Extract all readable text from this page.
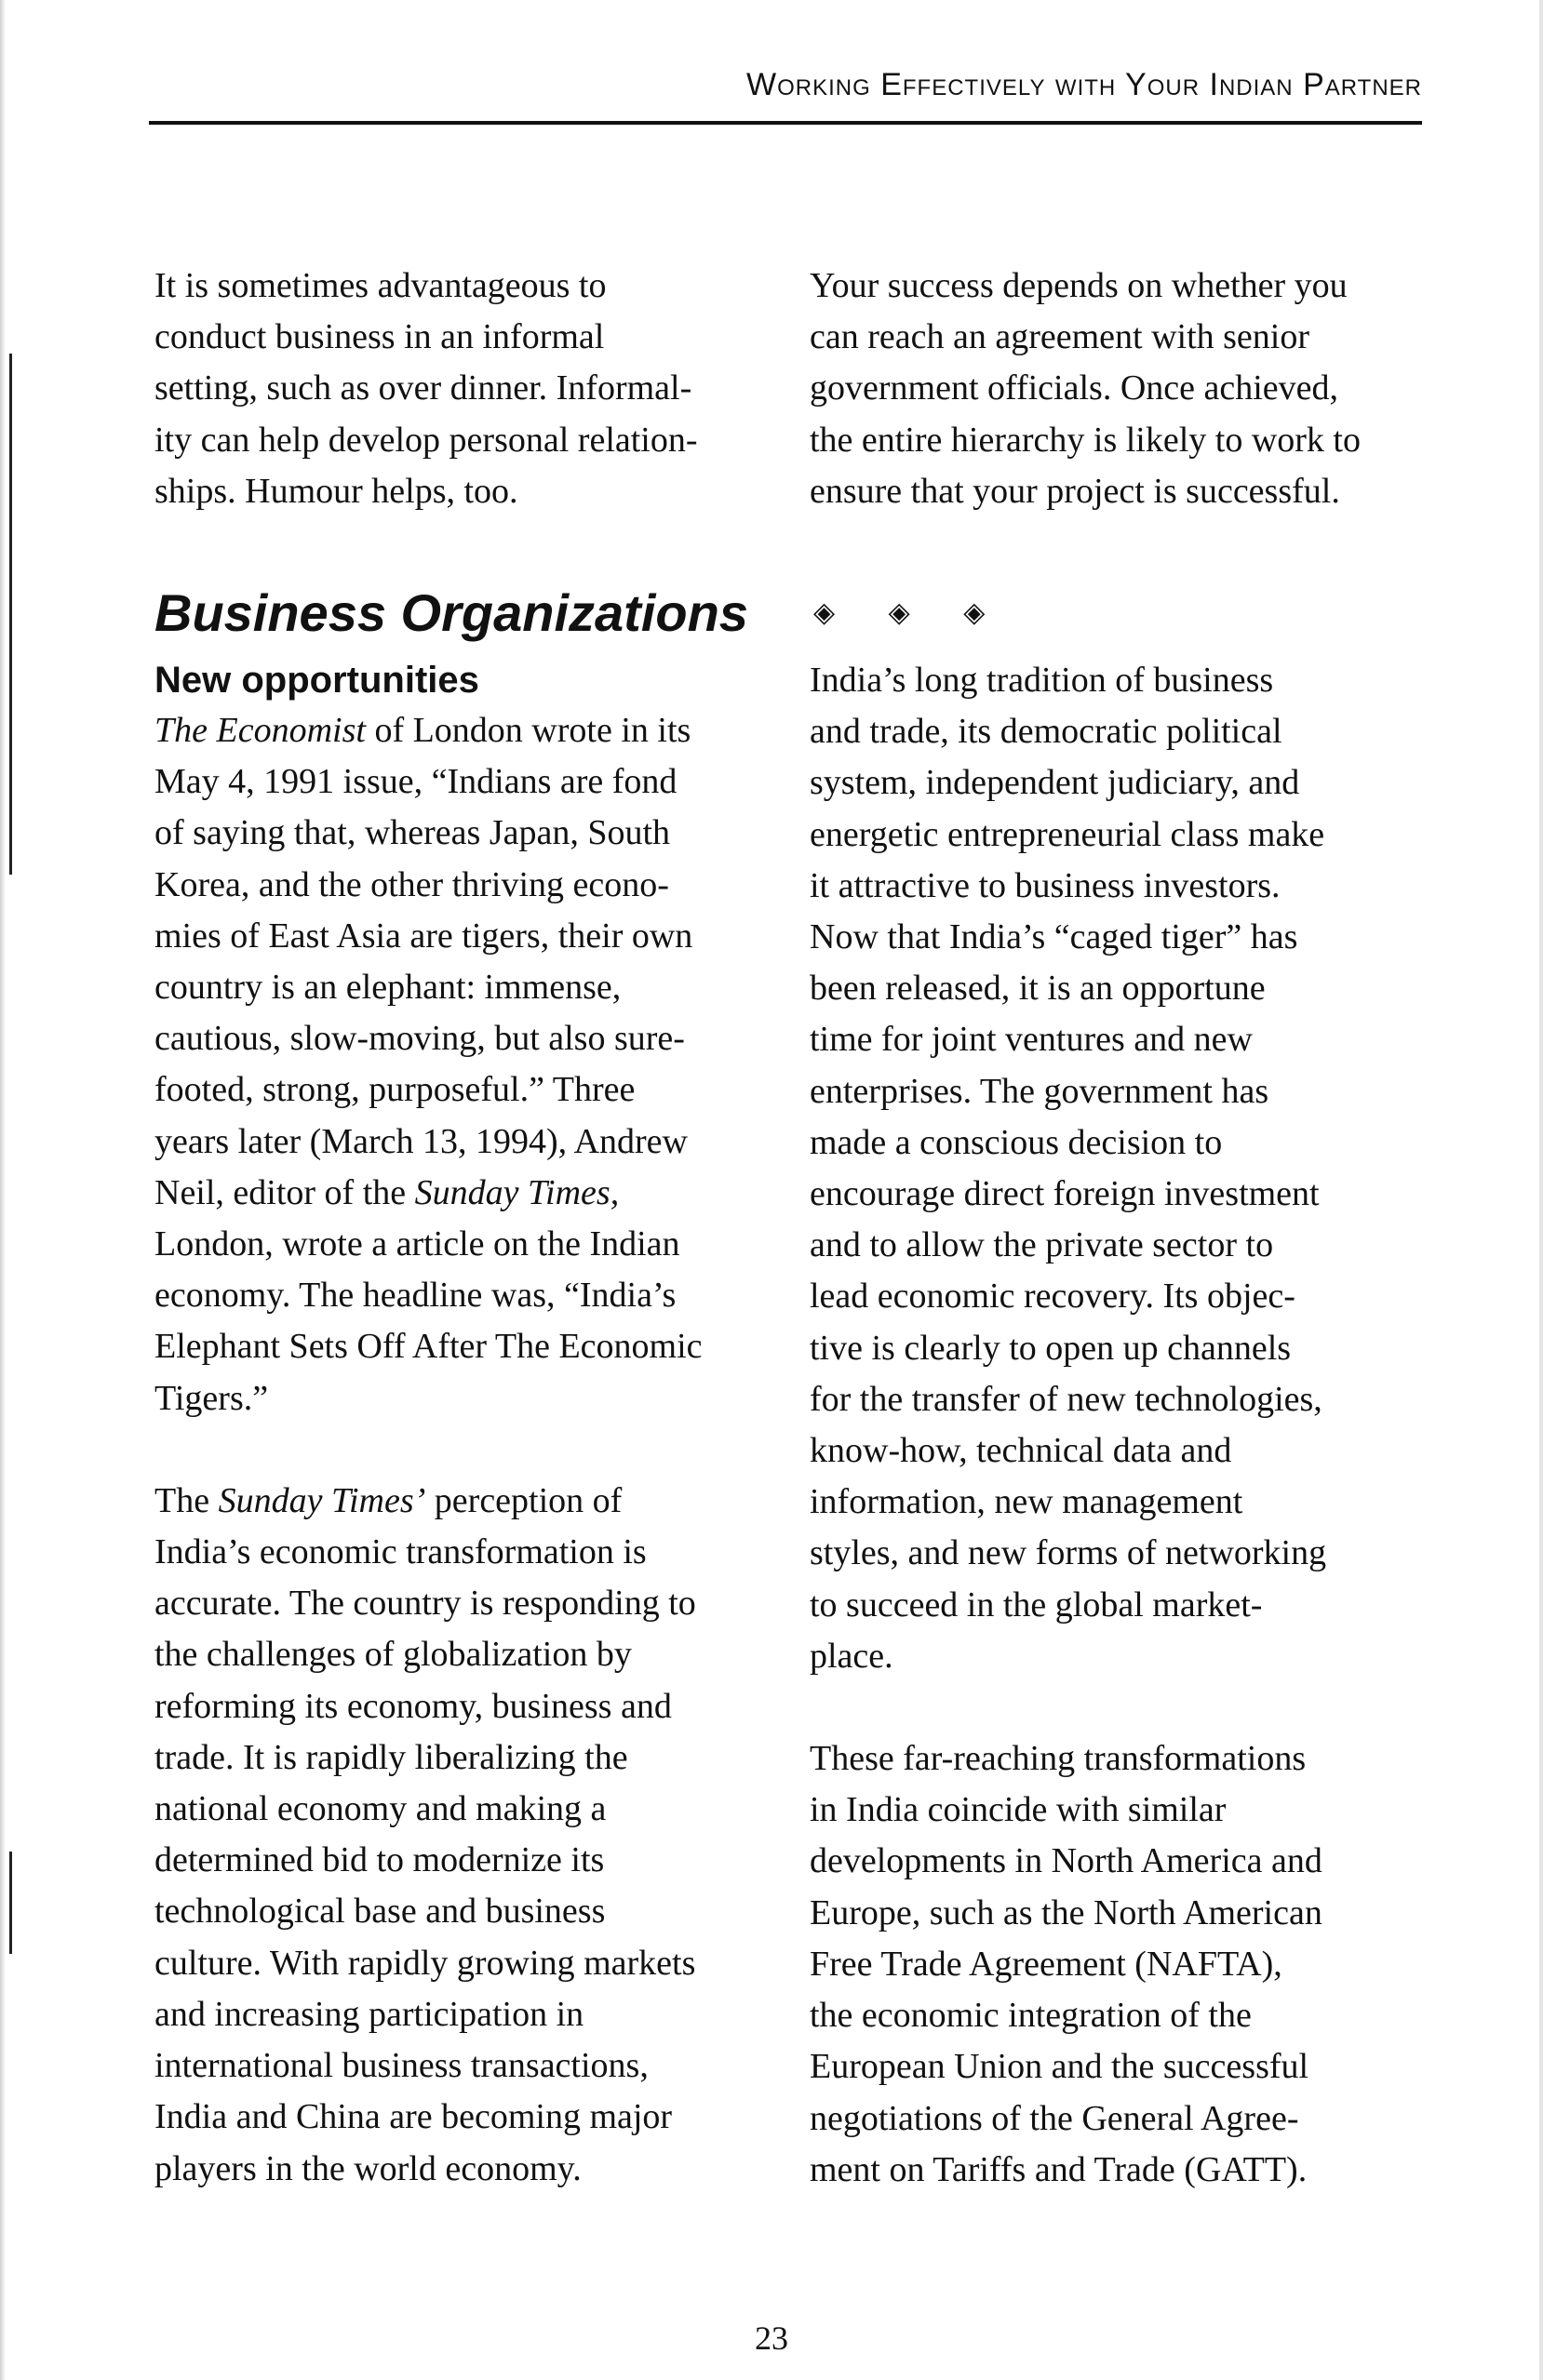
Working Effectively with Your Indian Partner

It is sometimes advantageous to
conduct business in an informal
setting, such as over dinner. Informal-
ity can help develop personal relation-
ships. Humour helps, too.

Business Organizations
New opportunities

The Economist of London wrote in its
May 4, 1991 issue, “Indians are fond
of saying that, whereas Japan, South
Korea, and the other thriving econo-
mies of East Asia are tigers, their own
country is an elephant: immense,
cautious, slow-moving, but also sure-
footed, strong, purposeful.” Three
years later (March 13, 1994), Andrew
Neil, editor of the Sunday Times,
London, wrote a article on the Indian
economy. The headline was, “India’s
Elephant Sets Off After The Economic
Tigers.”

The Sunday Times’ perception of
India’s economic transformation is
accurate. The country is responding to
the challenges of globalization by
reforming its economy, business and
trade. It is rapidly liberalizing the
national economy and making a
determined bid to modernize its
technological base and business
culture. With rapidly growing markets
and increasing participation in
international business transactions,
India and China are becoming major
players in the world economy.

Your success depends on whether you
can reach an agreement with senior
government officials. Once achieved,
the entire hierarchy is likely to work to
ensure that your project is successful.

◈ ◈ ◈

India’s long tradition of business
and trade, its democratic political
system, independent judiciary, and
energetic entrepreneurial class make
it attractive to business investors.
Now that India’s “caged tiger” has
been released, it is an opportune
time for joint ventures and new
enterprises. The government has
made a conscious decision to
encourage direct foreign investment
and to allow the private sector to
lead economic recovery. Its objec-
tive is clearly to open up channels
for the transfer of new technologies,
know-how, technical data and
information, new management
styles, and new forms of networking
to succeed in the global market-
place.

These far-reaching transformations
in India coincide with similar
developments in North America and
Europe, such as the North American
Free Trade Agreement (NAFTA),
the economic integration of the
European Union and the successful
negotiations of the General Agree-
ment on Tariffs and Trade (GATT).

23
